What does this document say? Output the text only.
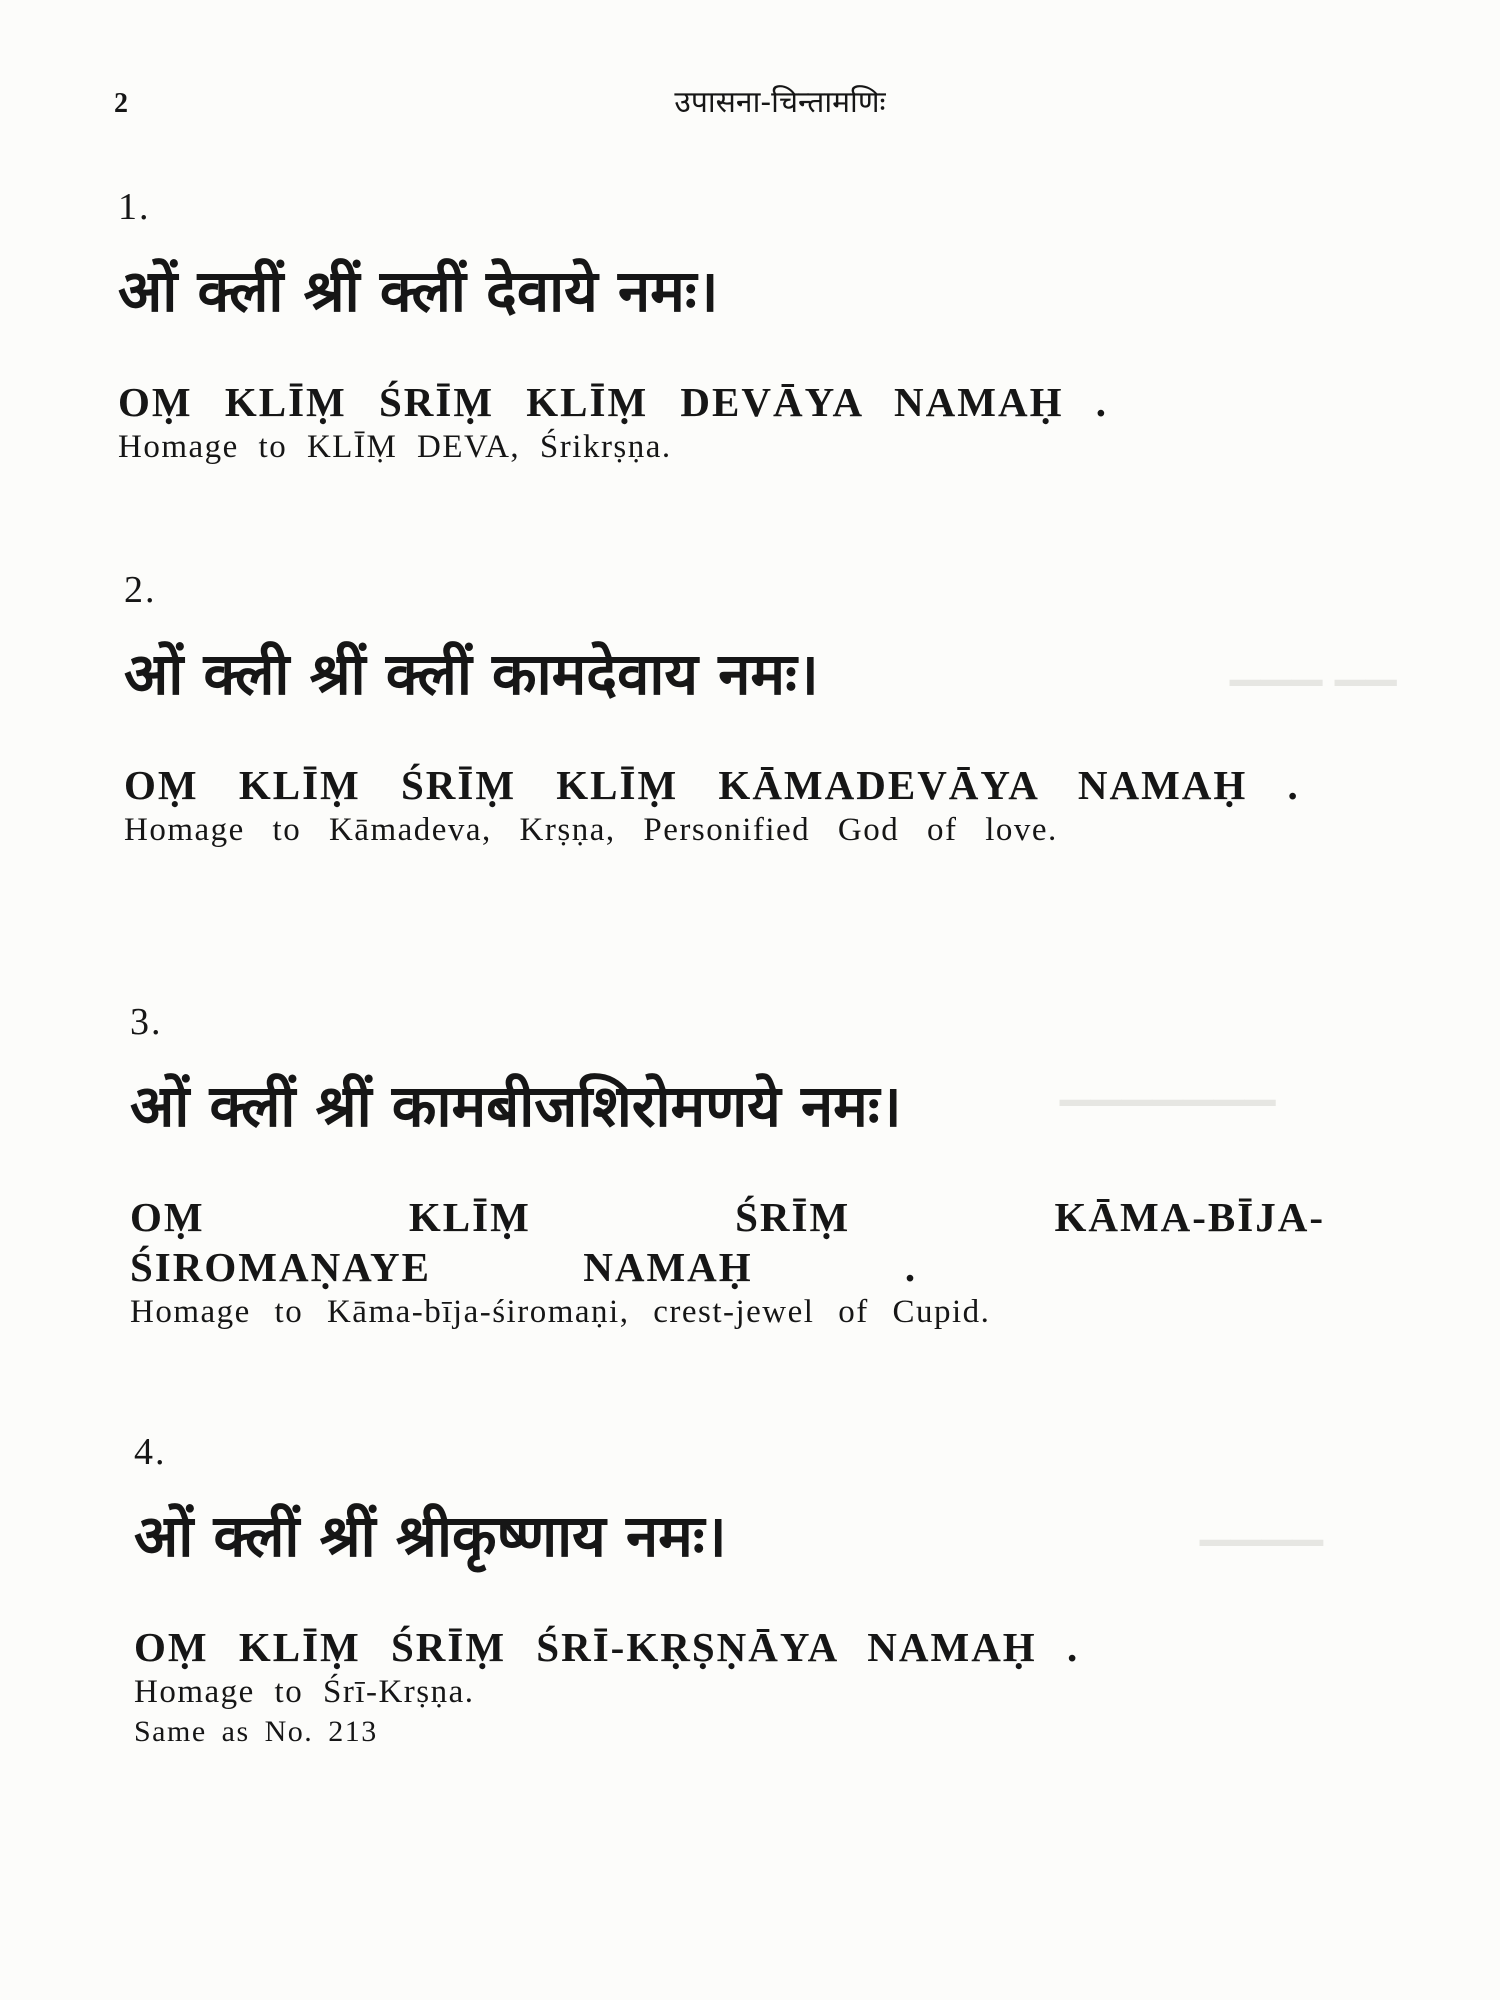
▁▁▁ ▁▁
▁▁▁▁▁▁▁
▁▁▁▁
2	उपासना-चिन्तामणिः
1.
ओं क्लीं श्रीं क्लीं देवाये नमः।
OṂ KLĪṂ ŚRĪṂ KLĪṂ DEVĀYA NAMAḤ .
Homage to KLĪṂ DEVA, Śrikrṣṇa.
2.
ओं क्ली श्रीं क्लीं कामदेवाय नमः।
OṂ KLĪṂ ŚRĪṂ KLĪṂ KĀMADEVĀYA NAMAḤ .
Homage to Kāmadeva, Krṣṇa, Personified God of love.
3.
ओं क्लीं श्रीं कामबीजशिरोमणये नमः।
OṂ KLĪṂ ŚRĪṂ KĀMA-BĪJA-ŚIROMAṆAYE NAMAḤ .
Homage to Kāma-bīja-śiromaṇi, crest-jewel of Cupid.
4.
ओं क्लीं श्रीं श्रीकृष्णाय नमः।
OṂ KLĪṂ ŚRĪṂ ŚRĪ-KṚṢṆĀYA NAMAḤ .
Homage to Śrī-Krṣṇa.
Same as No. 213
